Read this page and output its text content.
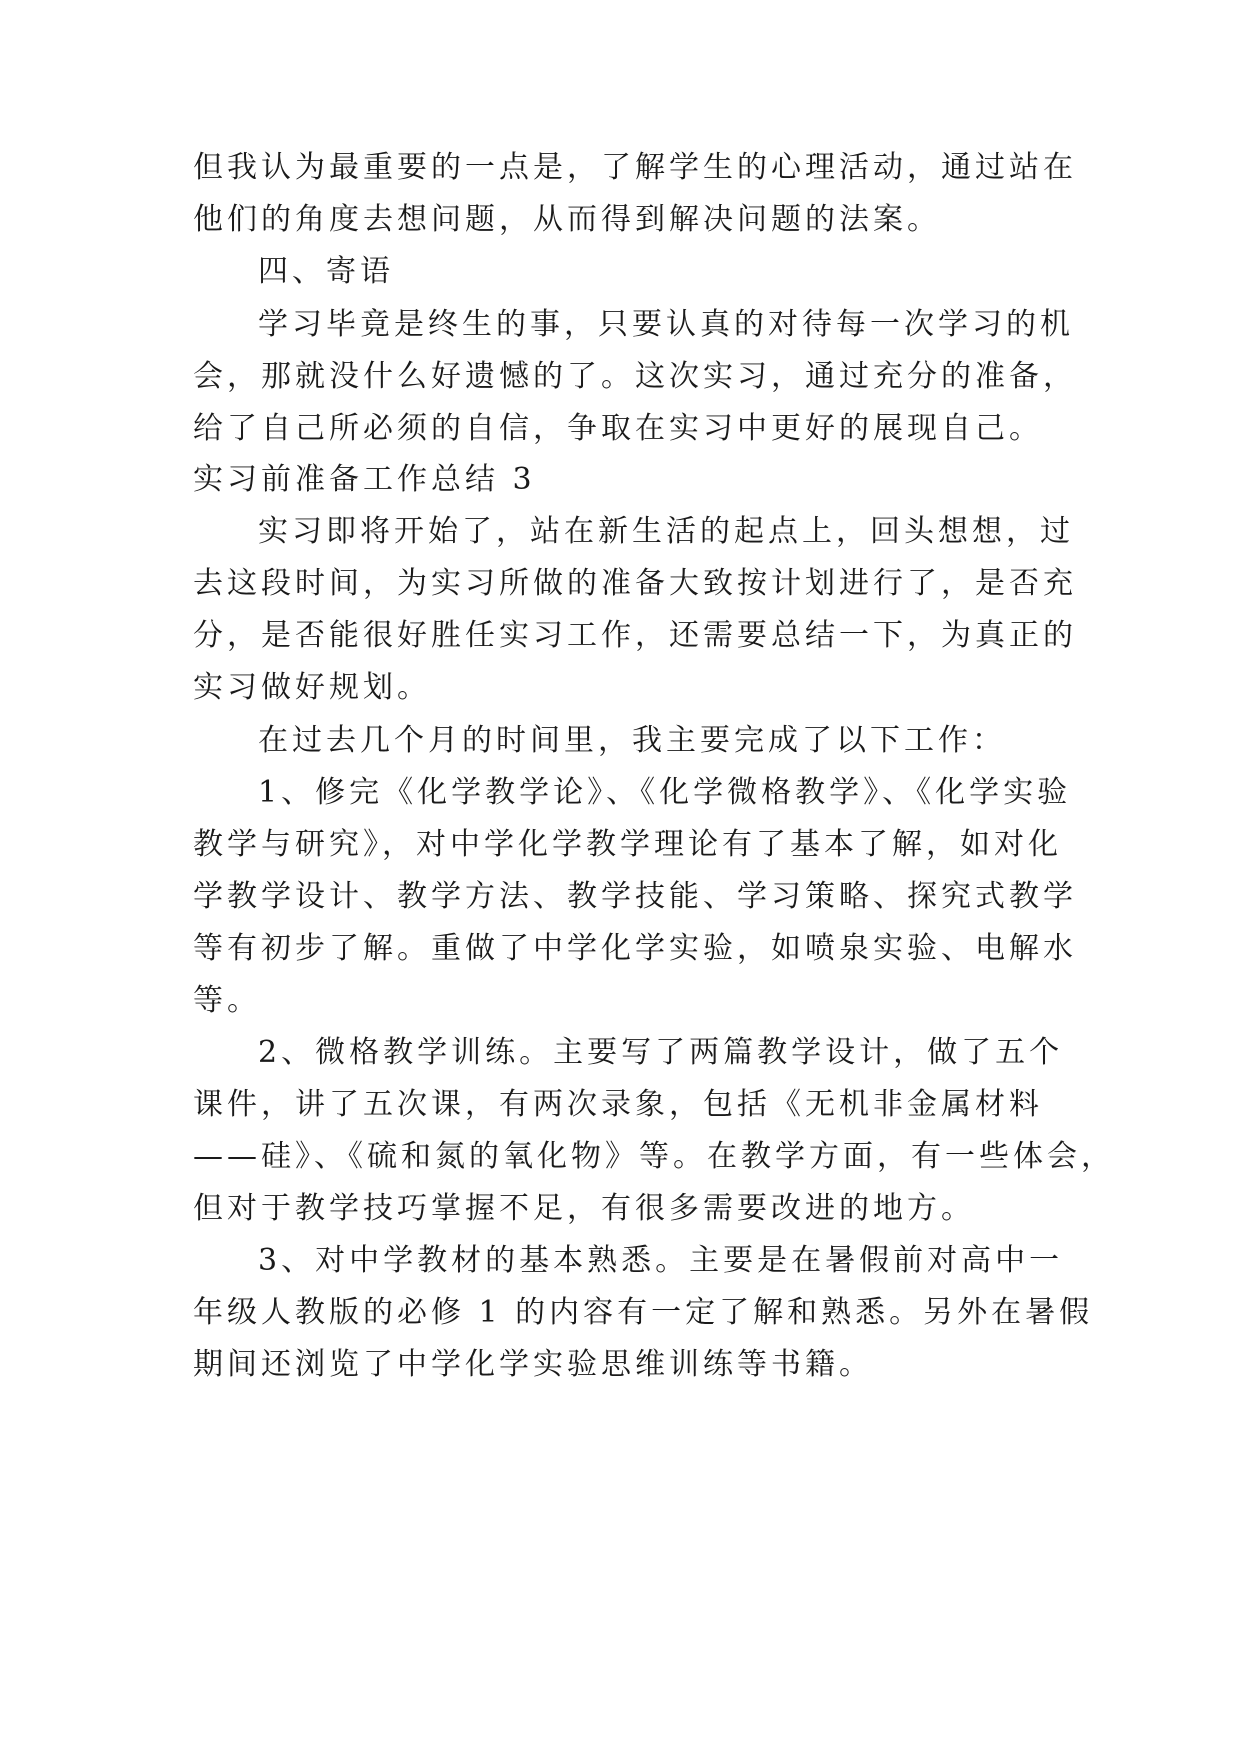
但我认为最重要的一点是，了解学生的心理活动，通过站在
他们的角度去想问题，从而得到解决问题的法案。
四、寄语
学习毕竟是终生的事，只要认真的对待每一次学习的机
会，那就没什么好遗憾的了。这次实习，通过充分的准备，
给了自己所必须的自信，争取在实习中更好的展现自己。
实习前准备工作总结 3
实习即将开始了，站在新生活的起点上，回头想想，过
去这段时间，为实习所做的准备大致按计划进行了，是否充
分，是否能很好胜任实习工作，还需要总结一下，为真正的
实习做好规划。
在过去几个月的时间里，我主要完成了以下工作：
1、修完《化学教学论》、《化学微格教学》、《化学实验
教学与研究》，对中学化学教学理论有了基本了解，如对化
学教学设计、教学方法、教学技能、学习策略、探究式教学
等有初步了解。重做了中学化学实验，如喷泉实验、电解水
等。
2、微格教学训练。主要写了两篇教学设计，做了五个
课件，讲了五次课，有两次录象，包括《无机非金属材料
——硅》、《硫和氮的氧化物》等。在教学方面，有一些体会，
但对于教学技巧掌握不足，有很多需要改进的地方。
3、对中学教材的基本熟悉。主要是在暑假前对高中一
年级人教版的必修 1 的内容有一定了解和熟悉。另外在暑假
期间还浏览了中学化学实验思维训练等书籍。
